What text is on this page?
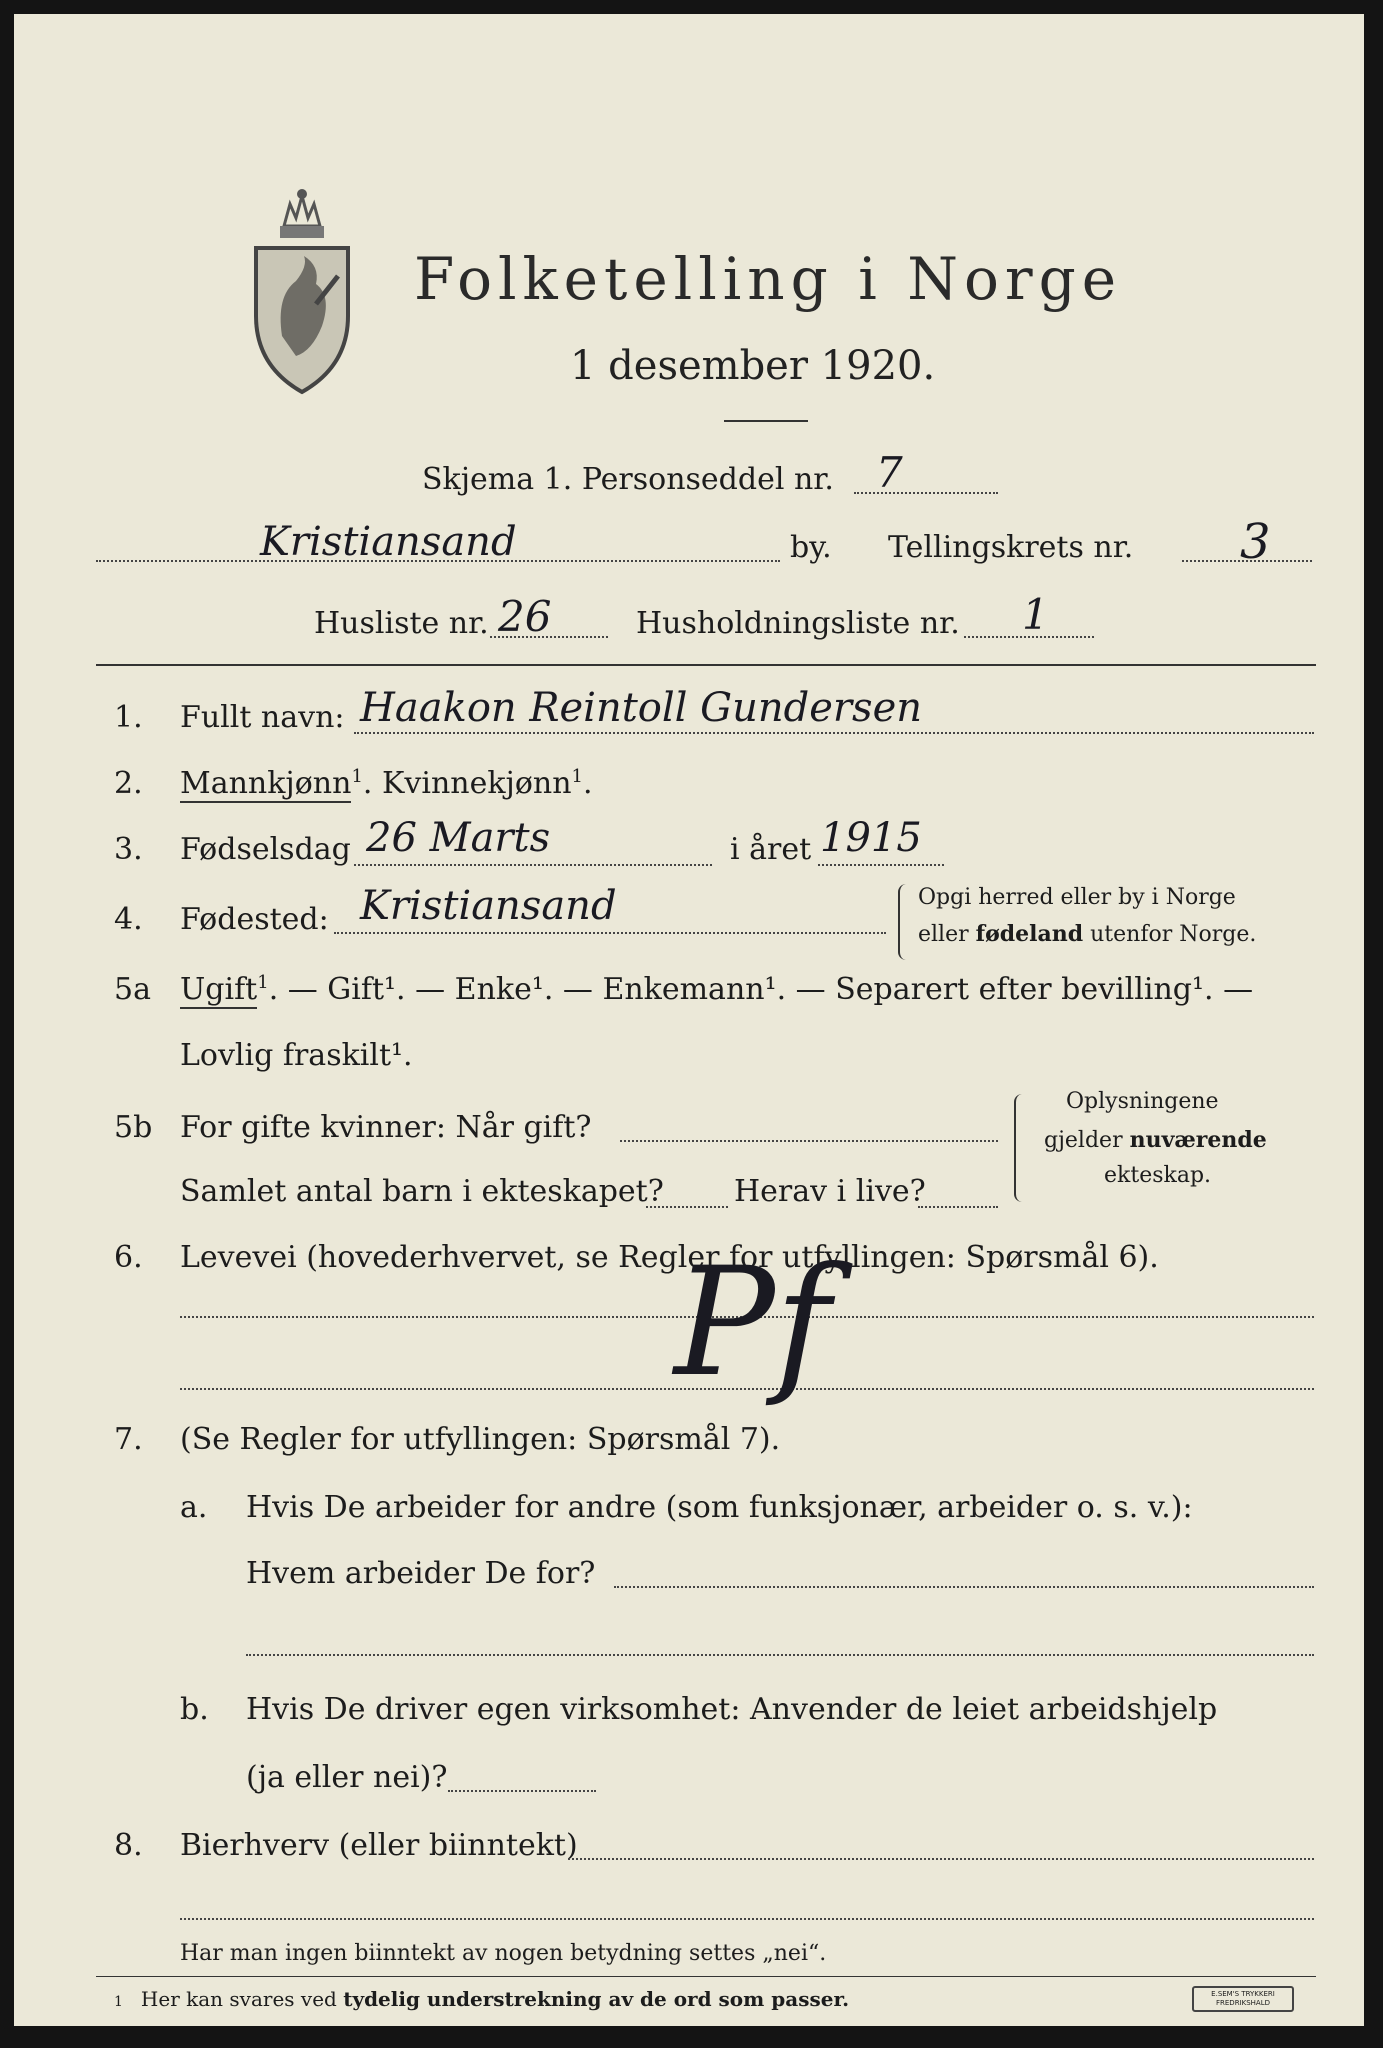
Folketelling i Norge
1 desember 1920.
Skjema 1. Personseddel nr. 7
Kristiansand	by. Tellingskrets nr. 3
Husliste nr. 26	Husholdningsliste nr. 1
1. Fullt navn: Haakon Reintoll Gundersen
2. Mannkjønn$^1$. Kvinnekjønn$^1$.
3. Fødselsdag 26 Marts	i året 1915
4. Fødested: Kristiansand	Opgi herred eller by i Norge
eller fødeland utenfor Norge.
5a Ugift$^1$. — Gift¹. — Enke¹. — Enkemann¹. — Separert efter bevilling¹. —
Lovlig fraskilt¹.
5b For gifte kvinner: Når gift?
Samlet antal barn i ekteskapet? Herav i live?
Oplysningene
gjelder nuværende
ekteskap.
6. Levevei (hovederhvervet, se Regler for utfyllingen: Spørsmål 6).
Pf
7. (Se Regler for utfyllingen: Spørsmål 7).
a. Hvis De arbeider for andre (som funksjonær, arbeider o. s. v.):
Hvem arbeider De for?
b. Hvis De driver egen virksomhet: Anvender de leiet arbeidshjelp
(ja eller nei)?
8. Bierhverv (eller biinntekt)
Har man ingen biinntekt av nogen betydning settes „nei“.
1 Her kan svares ved tydelig understrekning av de ord som passer.	E.SEM'S TRYKKERI
FREDRIKSHALD
